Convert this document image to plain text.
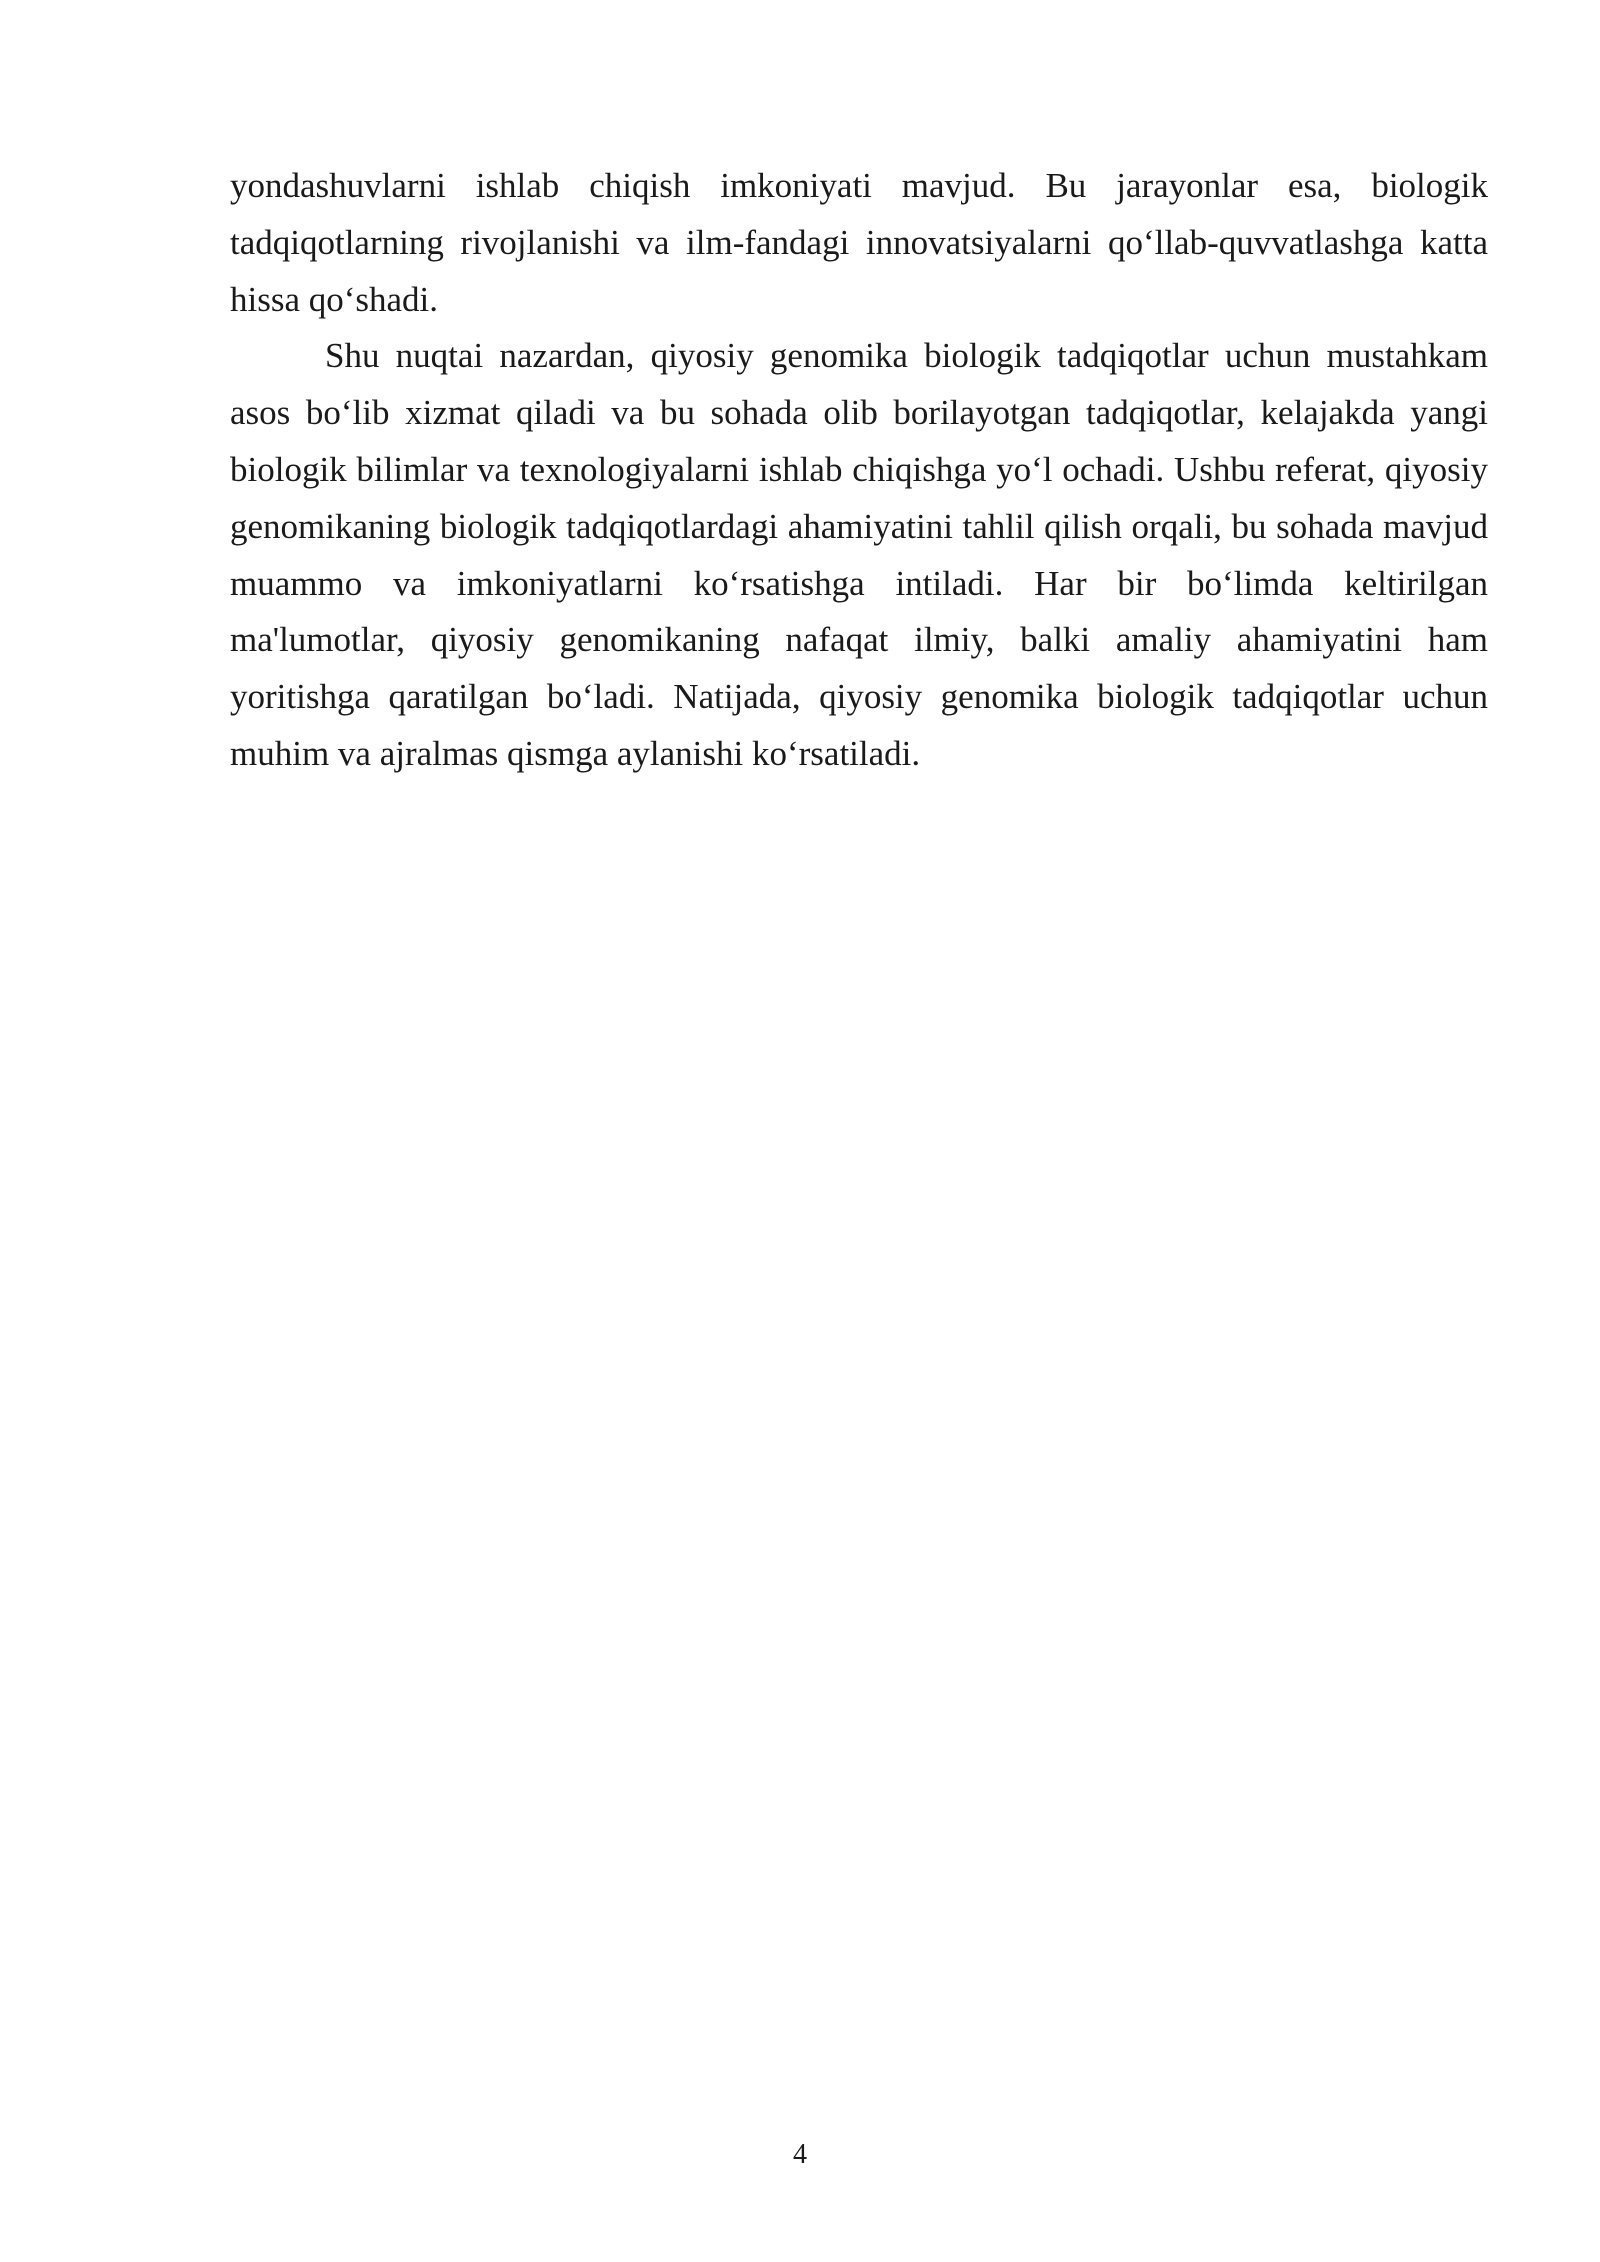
yondashuvlarni ishlab chiqish imkoniyati mavjud. Bu jarayonlar esa, biologik tadqiqotlarning rivojlanishi va ilm-fandagi innovatsiyalarni qo‘llab-quvvatlashga katta hissa qo‘shadi.

Shu nuqtai nazardan, qiyosiy genomika biologik tadqiqotlar uchun mustahkam asos bo‘lib xizmat qiladi va bu sohada olib borilayotgan tadqiqotlar, kelajakda yangi biologik bilimlar va texnologiyalarni ishlab chiqishga yo‘l ochadi. Ushbu referat, qiyosiy genomikaning biologik tadqiqotlardagi ahamiyatini tahlil qilish orqali, bu sohada mavjud muammo va imkoniyatlarni ko‘rsatishga intiladi. Har bir bo‘limda keltirilgan ma'lumotlar, qiyosiy genomikaning nafaqat ilmiy, balki amaliy ahamiyatini ham yoritishga qaratilgan bo‘ladi. Natijada, qiyosiy genomika biologik tadqiqotlar uchun muhim va ajralmas qismga aylanishi ko‘rsatiladi.

4
